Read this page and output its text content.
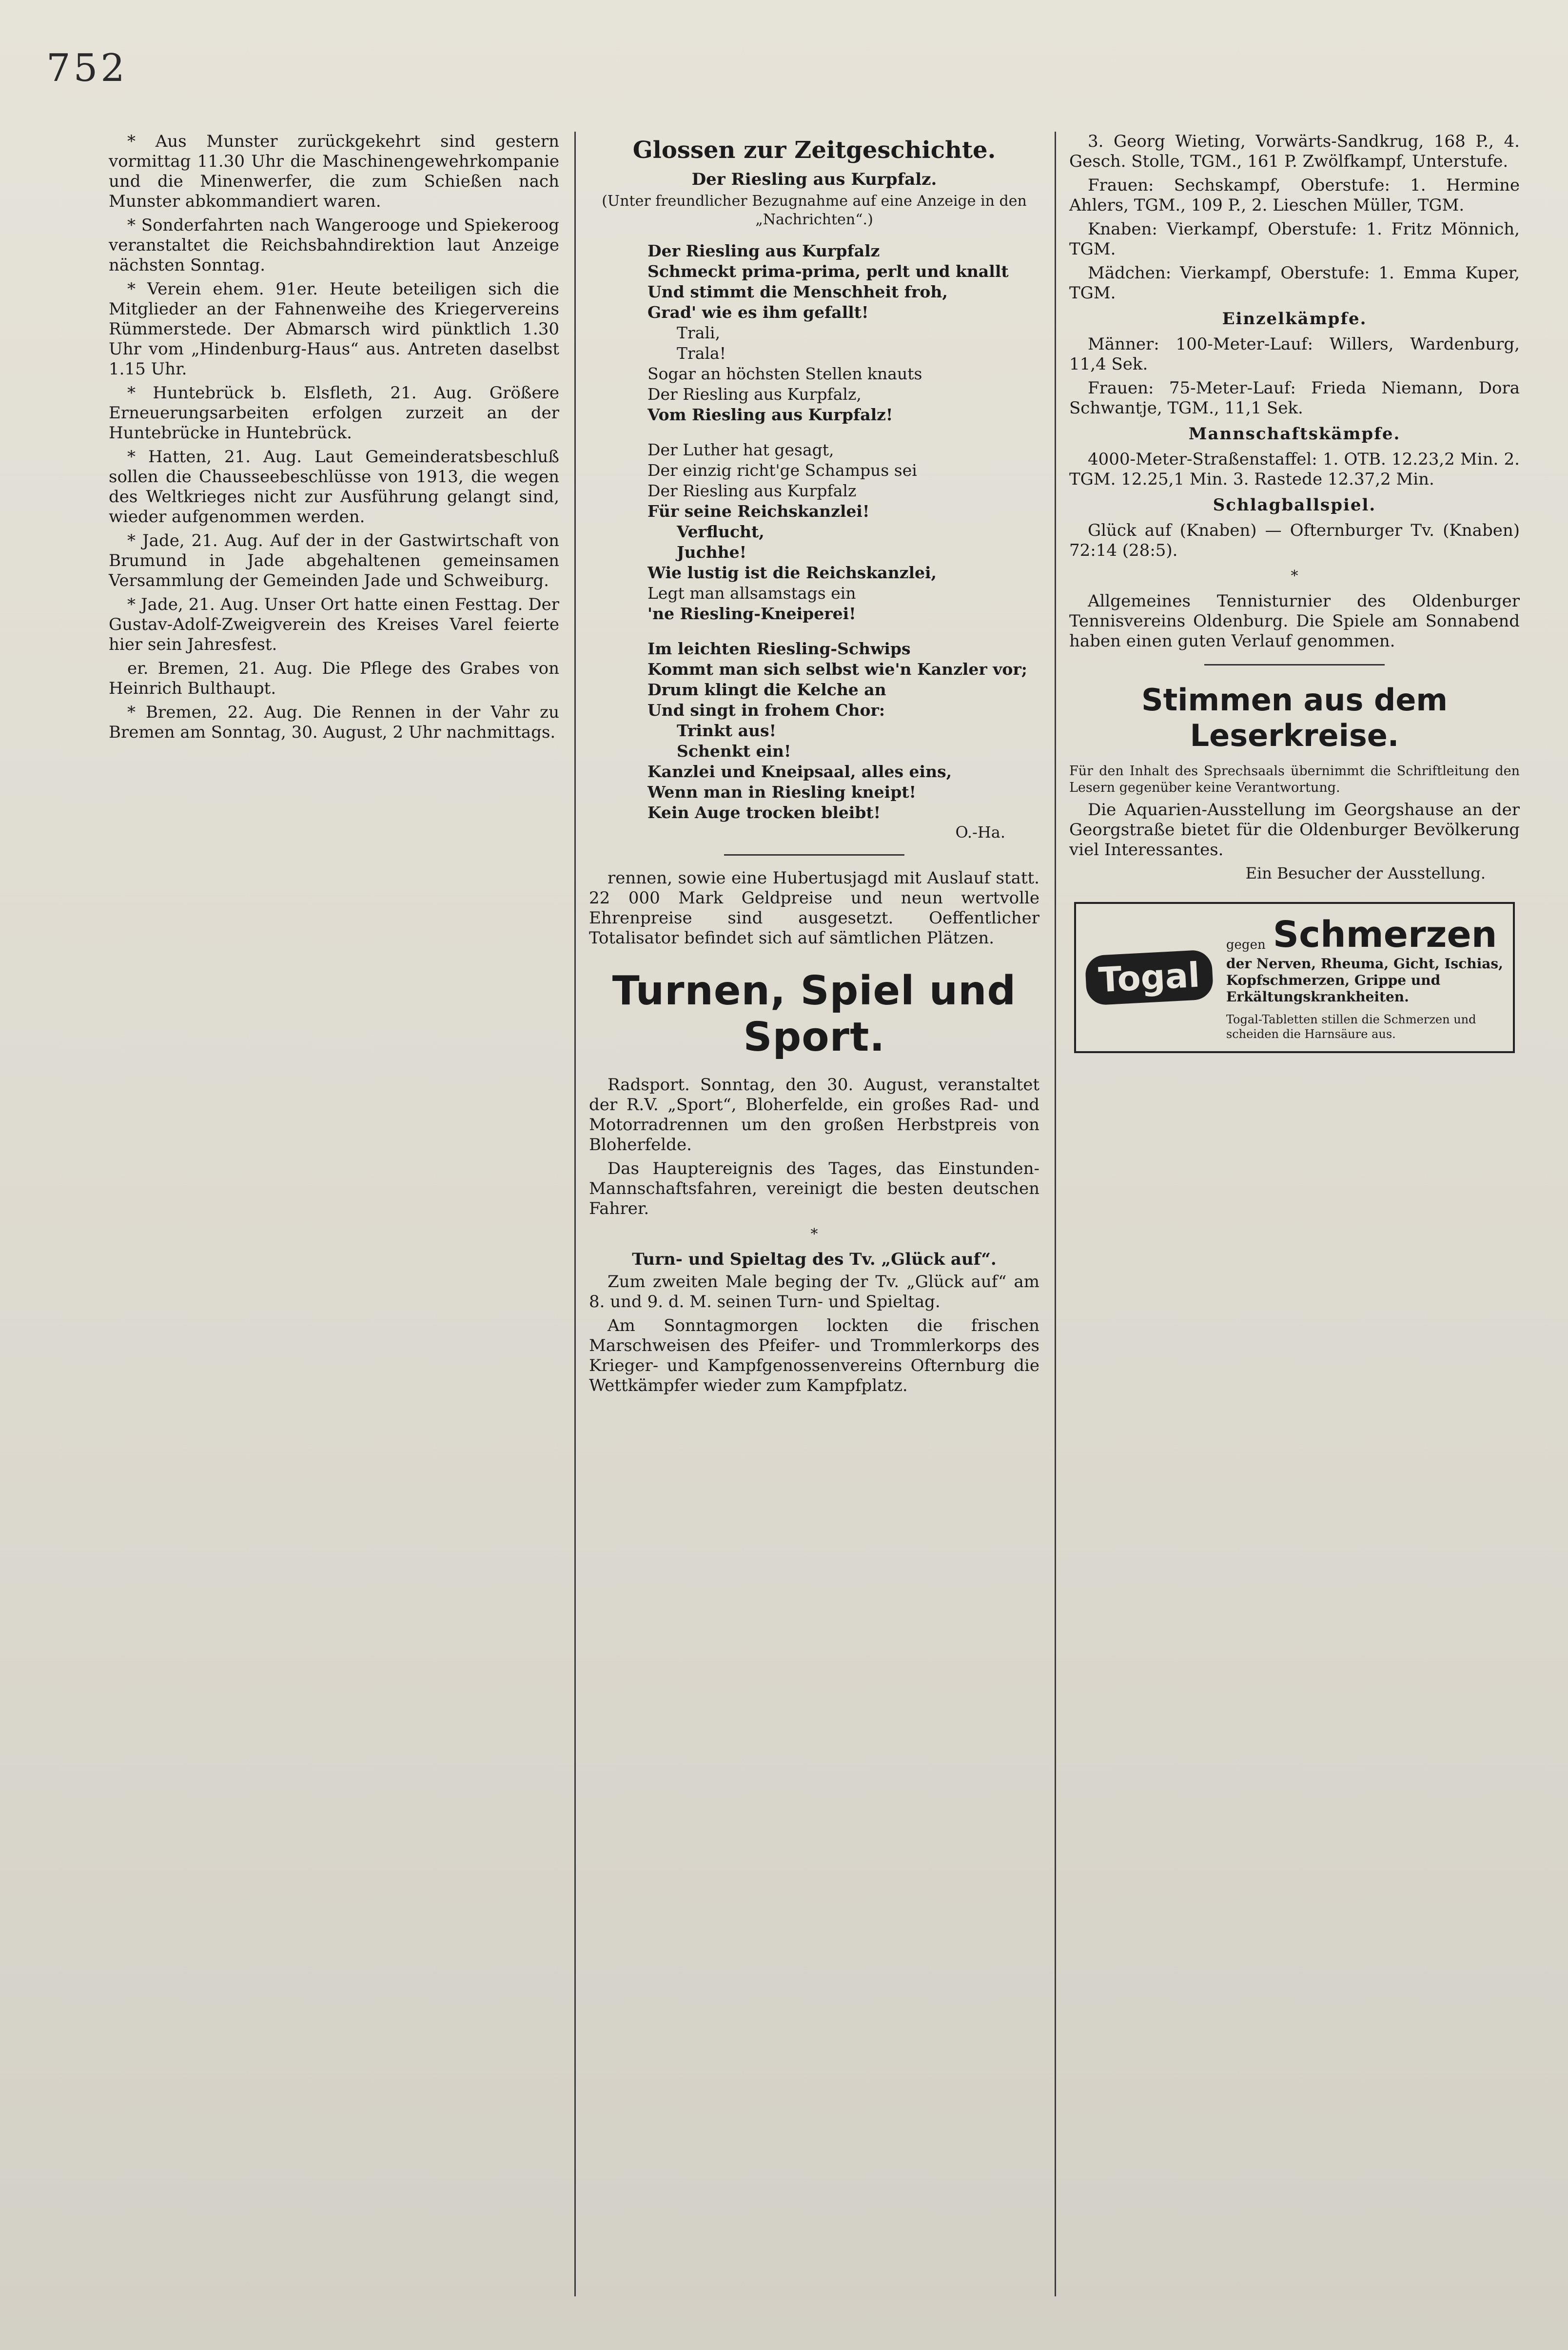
752

* Aus Munster zurückgekehrt sind gestern vormittag 11.30 Uhr die Maschinengewehrkompanie und die Minenwerfer, die zum Schießen nach Munster abkommandiert waren.

* Sonderfahrten nach Wangerooge und Spiekeroog veranstaltet die Reichsbahndirektion laut Anzeige nächsten Sonntag.

* Verein ehem. 91er. Heute beteiligen sich die Mitglieder an der Fahnenweihe des Kriegervereins Rümmerstede. Der Abmarsch wird pünktlich 1.30 Uhr vom „Hindenburg-Haus“ aus. Antreten daselbst 1.15 Uhr.

* Huntebrück b. Elsfleth, 21. Aug. Größere Erneuerungsarbeiten erfolgen zurzeit an der Huntebrücke in Huntebrück.

* Hatten, 21. Aug. Laut Gemeinderatsbeschluß sollen die Chausseebeschlüsse von 1913, die wegen des Weltkrieges nicht zur Ausführung gelangt sind, wieder aufgenommen werden.

* Jade, 21. Aug. Auf der in der Gastwirtschaft von Brumund in Jade abgehaltenen gemeinsamen Versammlung der Gemeinden Jade und Schweiburg.

* Jade, 21. Aug. Unser Ort hatte einen Festtag. Der Gustav-Adolf-Zweigverein des Kreises Varel feierte hier sein Jahresfest.

er. Bremen, 21. Aug. Die Pflege des Grabes von Heinrich Bulthaupt.

* Bremen, 22. Aug. Die Rennen in der Vahr zu Bremen am Sonntag, 30. August, 2 Uhr nachmittags.

Glossen zur Zeitgeschichte.
Der Riesling aus Kurpfalz.
(Unter freundlicher Bezugnahme auf eine Anzeige in den „Nachrichten“.)
Der Riesling aus Kurpfalz
Schmeckt prima-prima, perlt und knallt
Und stimmt die Menschheit froh,
Grad' wie es ihm gefallt!
Trali,
Trala!
Sogar an höchsten Stellen knauts
Der Riesling aus Kurpfalz,
Vom Riesling aus Kurpfalz!
Der Luther hat gesagt,
Der einzig richt'ge Schampus sei
Der Riesling aus Kurpfalz
Für seine Reichskanzlei!
Verflucht,
Juchhe!
Wie lustig ist die Reichskanzlei,
Legt man allsamstags ein
'ne Riesling-Kneiperei!
Im leichten Riesling-Schwips
Kommt man sich selbst wie'n Kanzler vor;
Drum klingt die Kelche an
Und singt in frohem Chor:
Trinkt aus!
Schenkt ein!
Kanzlei und Kneipsaal, alles eins,
Wenn man in Riesling kneipt!
Kein Auge trocken bleibt!
O.-Ha.

rennen, sowie eine Hubertusjagd mit Auslauf statt. 22 000 Mark Geldpreise und neun wertvolle Ehrenpreise sind ausgesetzt. Oeffentlicher Totalisator befindet sich auf sämtlichen Plätzen.

Turnen, Spiel und Sport.

Radsport. Sonntag, den 30. August, veranstaltet der R.V. „Sport“, Bloherfelde, ein großes Rad- und Motorradrennen um den großen Herbstpreis von Bloherfelde.

Das Hauptereignis des Tages, das Einstunden-Mannschaftsfahren, vereinigt die besten deutschen Fahrer.

*
Turn- und Spieltag des Tv. „Glück auf“.

Zum zweiten Male beging der Tv. „Glück auf“ am 8. und 9. d. M. seinen Turn- und Spieltag.

Am Sonntagmorgen lockten die frischen Marschweisen des Pfeifer- und Trommlerkorps des Krieger- und Kampfgenossenvereins Ofternburg die Wettkämpfer wieder zum Kampfplatz.

3. Georg Wieting, Vorwärts-Sandkrug, 168 P., 4. Gesch. Stolle, TGM., 161 P. Zwölfkampf, Unterstufe.

Frauen: Sechskampf, Oberstufe: 1. Hermine Ahlers, TGM., 109 P., 2. Lieschen Müller, TGM.

Knaben: Vierkampf, Oberstufe: 1. Fritz Mönnich, TGM.

Mädchen: Vierkampf, Oberstufe: 1. Emma Kuper, TGM.

Einzelkämpfe.

Männer: 100-Meter-Lauf: Willers, Wardenburg, 11,4 Sek.

Frauen: 75-Meter-Lauf: Frieda Niemann, Dora Schwantje, TGM., 11,1 Sek.

Mannschaftskämpfe.

4000-Meter-Straßenstaffel: 1. OTB. 12.23,2 Min. 2. TGM. 12.25,1 Min. 3. Rastede 12.37,2 Min.

Schlagballspiel.

Glück auf (Knaben) — Ofternburger Tv. (Knaben) 72:14 (28:5).

*

Allgemeines Tennisturnier des Oldenburger Tennisvereins Oldenburg. Die Spiele am Sonnabend haben einen guten Verlauf genommen.

Stimmen aus dem Leserkreise.

Für den Inhalt des Sprechsaals übernimmt die Schriftleitung den Lesern gegenüber keine Verantwortung.

Die Aquarien-Ausstellung im Georgshause an der Georgstraße bietet für die Oldenburger Bevölkerung viel Interessantes.

Ein Besucher der Ausstellung.
Togal
gegen Schmerzen
der Nerven, Rheuma, Gicht, Ischias, Kopfschmerzen, Grippe und Erkältungskrankheiten.
Togal-Tabletten stillen die Schmerzen und scheiden die Harnsäure aus.
